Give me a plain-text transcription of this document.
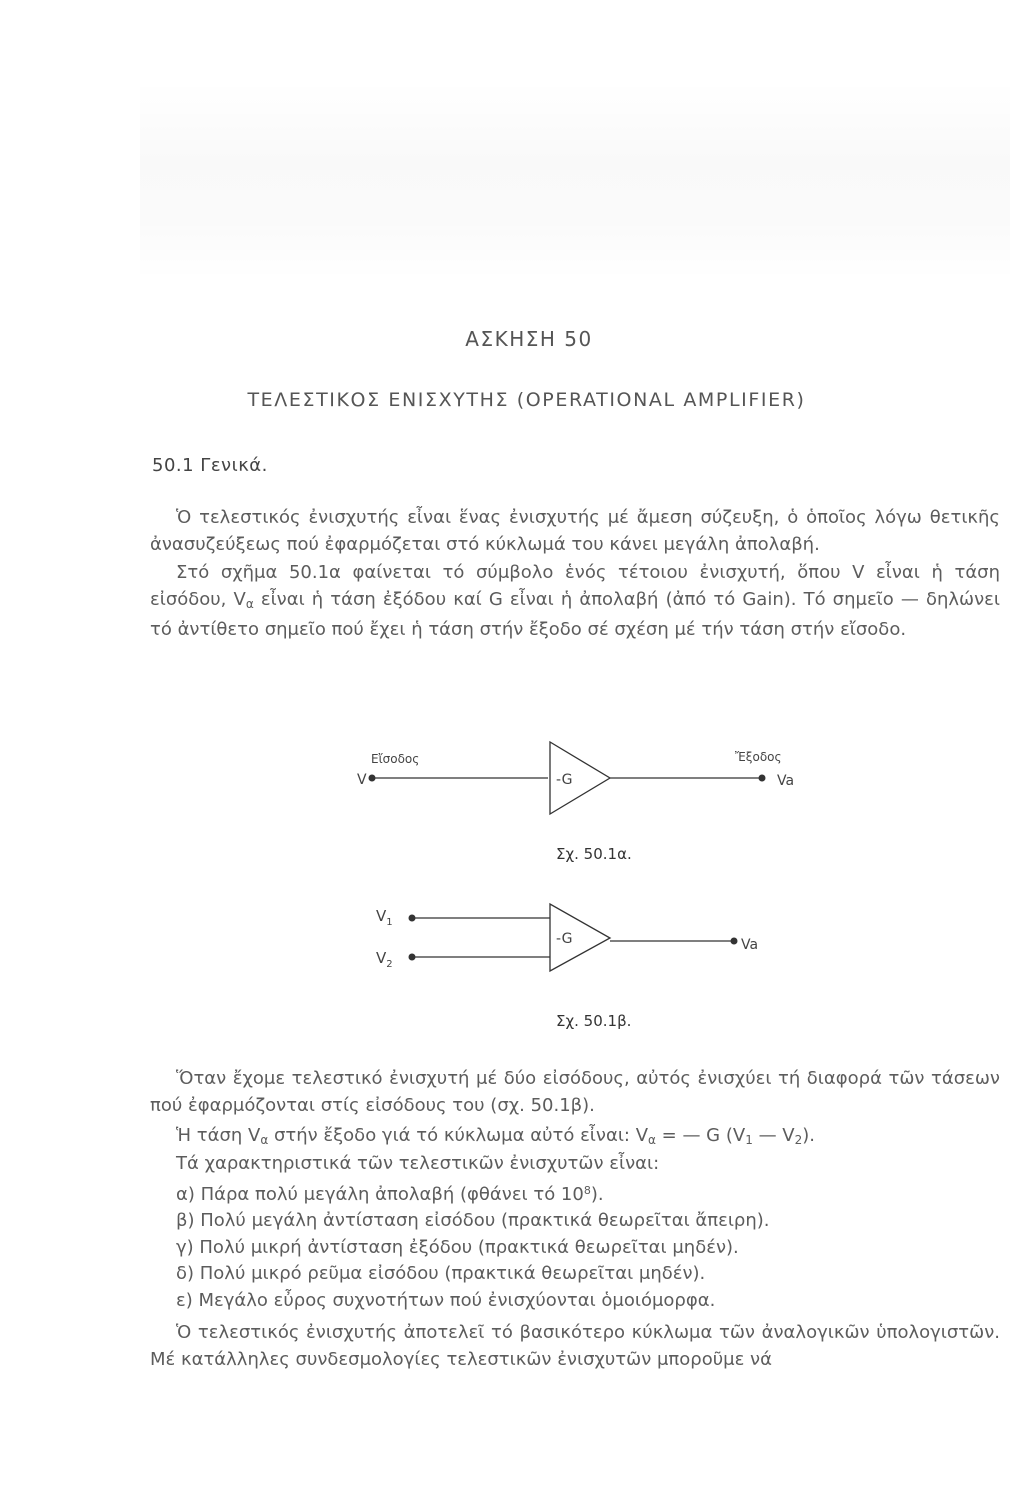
ΑΣΚΗΣΗ 50
ΤΕΛΕΣΤΙΚΟΣ ΕΝΙΣΧΥΤΗΣ (OPERATIONAL AMPLIFIER)
50.1 Γενικά.

Ὁ τελεστικός ἐνισχυτής εἶναι ἕνας ἐνισχυτής μέ ἄμεση σύζευξη, ὁ ὁποῖος λόγω θετικῆς ἀνασυζεύξεως πού ἐφαρμόζεται στό κύκλωμά του κάνει μεγάλη ἀπολαβή.

Στό σχῆμα 50.1α φαίνεται τό σύμβολο ἑνός τέτοιου ἐνισχυτή, ὅπου V εἶναι ἡ τάση εἰσόδου, $V_\alpha$ εἶναι ἡ τάση ἐξόδου καί G εἶναι ἡ ἀπολαβή (ἀπό τό Gain). Τό σημεῖο — δηλώνει τό ἀντίθετο σημεῖο πού ἔχει ἡ τάση στήν ἔξοδο σέ σχέση μέ τήν τάση στήν εἴσοδο.

Εἴσοδος	Ἔξοδος
V	Va
-G
Σχ. 50.1α.
$V_1$
$V_2$
-G	Va
Σχ. 50.1β.

Ὅταν ἔχομε τελεστικό ἐνισχυτή μέ δύο εἰσόδους, αὐτός ἐνισχύει τή διαφορά τῶν τάσεων πού ἐφαρμόζονται στίς εἰσόδους του (σχ. 50.1β).

Ἡ τάση $V_\alpha$ στήν ἔξοδο γιά τό κύκλωμα αὐτό εἶναι: $V_\alpha$ = — G ($V_1$ — $V_2$).

Τά χαρακτηριστικά τῶν τελεστικῶν ἐνισχυτῶν εἶναι:
α) Πάρα πολύ μεγάλη ἀπολαβή (φθάνει τό $10^8$).
β) Πολύ μεγάλη ἀντίσταση εἰσόδου (πρακτικά θεωρεῖται ἄπειρη).
γ) Πολύ μικρή ἀντίσταση ἐξόδου (πρακτικά θεωρεῖται μηδέν).
δ) Πολύ μικρό ρεῦμα εἰσόδου (πρακτικά θεωρεῖται μηδέν).
ε) Μεγάλο εὖρος συχνοτήτων πού ἐνισχύονται ὁμοιόμορφα.

Ὁ τελεστικός ἐνισχυτής ἀποτελεῖ τό βασικότερο κύκλωμα τῶν ἀναλογικῶν ὑπολογιστῶν. Μέ κατάλληλες συνδεσμολογίες τελεστικῶν ἐνισχυτῶν μποροῦμε νά
